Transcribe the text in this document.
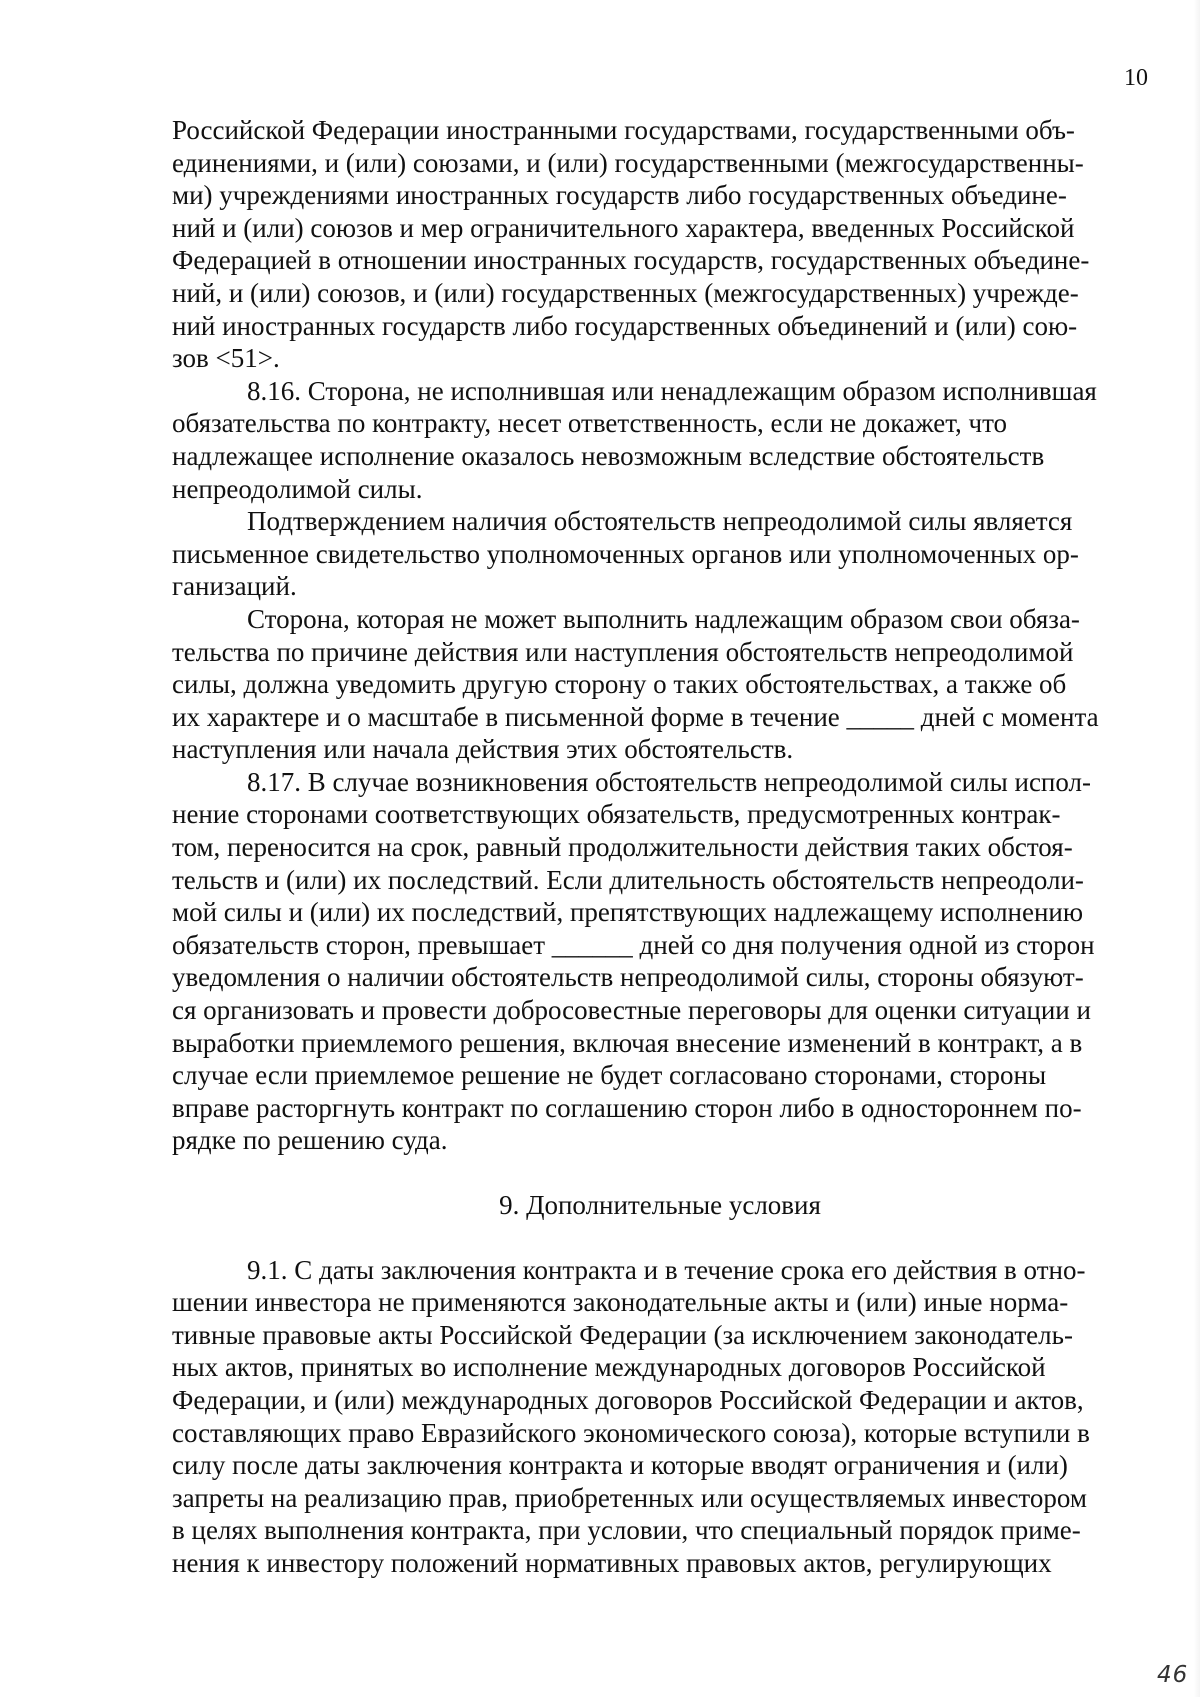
10

Российской Федерации иностранными государствами, государственными объ-
единениями, и (или) союзами, и (или) государственными (межгосударственны-
ми) учреждениями иностранных государств либо государственных объедине-
ний и (или) союзов и мер ограничительного характера, введенных Российской
Федерацией в отношении иностранных государств, государственных объедине-
ний, и (или) союзов, и (или) государственных (межгосударственных) учрежде-
ний иностранных государств либо государственных объединений и (или) сою-
зов <51>.

8.16. Сторона, не исполнившая или ненадлежащим образом исполнившая
обязательства по контракту, несет ответственность, если не докажет, что
надлежащее исполнение оказалось невозможным вследствие обстоятельств
непреодолимой силы.

Подтверждением наличия обстоятельств непреодолимой силы является
письменное свидетельство уполномоченных органов или уполномоченных ор-
ганизаций.

Сторона, которая не может выполнить надлежащим образом свои обяза-
тельства по причине действия или наступления обстоятельств непреодолимой
силы, должна уведомить другую сторону о таких обстоятельствах, а также об
их характере и о масштабе в письменной форме в течение _____ дней с момента
наступления или начала действия этих обстоятельств.

8.17. В случае возникновения обстоятельств непреодолимой силы испол-
нение сторонами соответствующих обязательств, предусмотренных контрак-
том, переносится на срок, равный продолжительности действия таких обстоя-
тельств и (или) их последствий. Если длительность обстоятельств непреодоли-
мой силы и (или) их последствий, препятствующих надлежащему исполнению
обязательств сторон, превышает ______ дней со дня получения одной из сторон
уведомления о наличии обстоятельств непреодолимой силы, стороны обязуют-
ся организовать и провести добросовестные переговоры для оценки ситуации и
выработки приемлемого решения, включая внесение изменений в контракт, а в
случае если приемлемое решение не будет согласовано сторонами, стороны
вправе расторгнуть контракт по соглашению сторон либо в одностороннем по-
рядке по решению суда.

9. Дополнительные условия

9.1. С даты заключения контракта и в течение срока его действия в отно-
шении инвестора не применяются законодательные акты и (или) иные норма-
тивные правовые акты Российской Федерации (за исключением законодатель-
ных актов, принятых во исполнение международных договоров Российской
Федерации, и (или) международных договоров Российской Федерации и актов,
составляющих право Евразийского экономического союза), которые вступили в
силу после даты заключения контракта и которые вводят ограничения и (или)
запреты на реализацию прав, приобретенных или осуществляемых инвестором
в целях выполнения контракта, при условии, что специальный порядок приме-
нения к инвестору положений нормативных правовых актов, регулирующих

46
